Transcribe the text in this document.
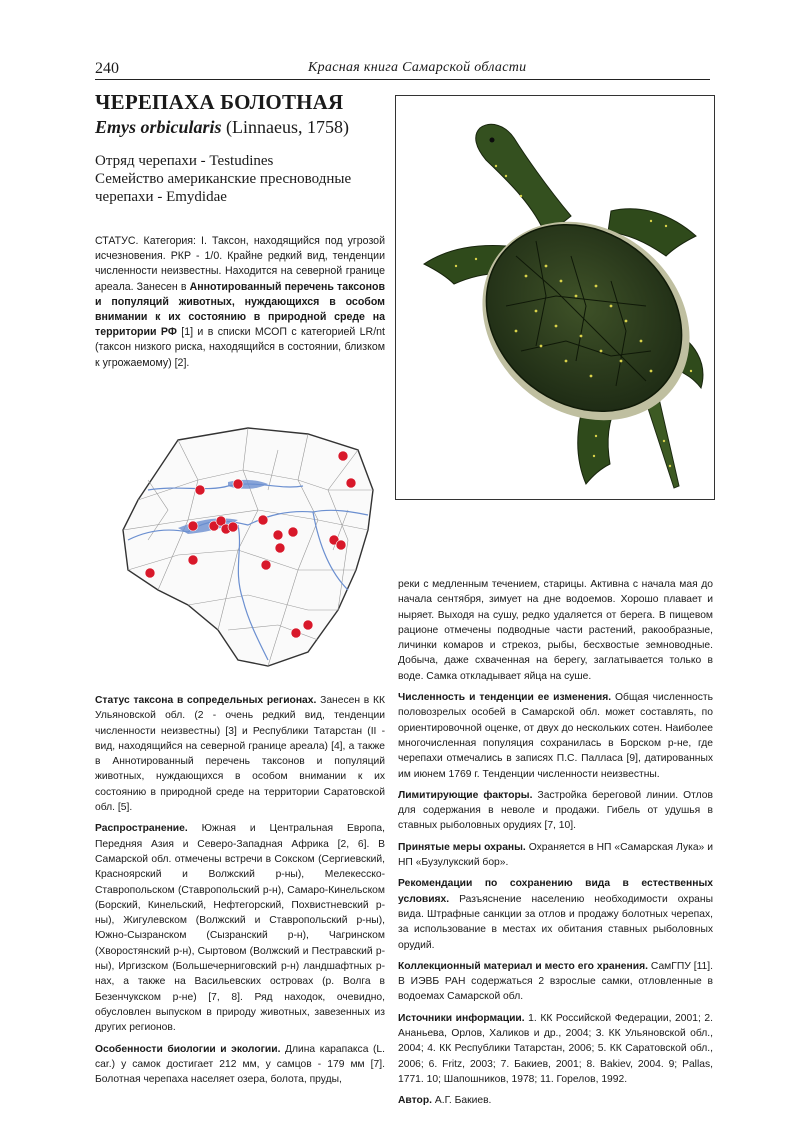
240	Красная книга Самарской области
ЧЕРЕПАХА БОЛОТНАЯ
Emys orbicularis (Linnaeus, 1758)
Отряд черепахи - Testudines
Семейство американские пресноводные черепахи - Emydidae
СТАТУС. Категория: I. Таксон, находящийся под угрозой исчезновения. РКР - 1/0. Крайне редкий вид, тенденции численности неизвестны. Находится на северной границе ареала. Занесен в Аннотированный перечень таксонов и популяций животных, нуждающихся в особом внимании к их состоянию в природной среде на территории РФ [1] и в списки МСОП с категорией LR/nt (таксон низкого риска, находящийся в состоянии, близком к угрожаемому) [2].

Статус таксона в сопредельных регионах. Занесен в КК Ульяновской обл. (2 - очень редкий вид, тенденции численности неизвестны) [3] и Республики Татарстан (II - вид, находящийся на северной границе ареала) [4], а также в Аннотированный перечень таксонов и популяций животных, нуждающихся в особом внимании к их состоянию в природной среде на территории Саратовской обл. [5].

Распространение. Южная и Центральная Европа, Передняя Азия и Северо-Западная Африка [2, 6]. В Самарской обл. отмечены встречи в Сокском (Сергиевский, Красноярский и Волжский р-ны), Мелекесско-Ставропольском (Ставропольский р-н), Самаро-Кинельском (Борский, Кинельский, Нефтегорский, Похвистневский р-ны), Жигулевском (Волжский и Ставропольский р-ны), Южно-Сызранском (Сызранский р-н), Чагринском (Хворостянский р-н), Сыртовом (Волжский и Пестравский р-ны), Иргизском (Большечерниговский р-н) ландшафтных р-нах, а также на Васильевских островах (р. Волга в Безенчукском р-не) [7, 8]. Ряд находок, очевидно, обусловлен выпуском в природу животных, завезенных из других регионов.

Особенности биологии и экологии. Длина карапакса (L. car.) у самок достигает 212 мм, у самцов - 179 мм [7]. Болотная черепаха населяет озера, болота, пруды,

реки с медленным течением, старицы. Активна с начала мая до начала сентября, зимует на дне водоемов. Хорошо плавает и ныряет. Выходя на сушу, редко удаляется от берега. В пищевом рационе отмечены подводные части растений, ракообразные, личинки комаров и стрекоз, рыбы, бесхвостые земноводные. Добыча, даже схваченная на берегу, заглатывается только в воде. Самка откладывает яйца на суше.

Численность и тенденции ее изменения. Общая численность половозрелых особей в Самарской обл. может составлять, по ориентировочной оценке, от двух до нескольких сотен. Наиболее многочисленная популяция сохранилась в Борском р-не, где черепахи отмечались в записях П.С. Палласа [9], датированных им июнем 1769 г. Тенденции численности неизвестны.

Лимитирующие факторы. Застройка береговой линии. Отлов для содержания в неволе и продажи. Гибель от удушья в ставных рыболовных орудиях [7, 10].

Принятые меры охраны. Охраняется в НП «Самарская Лука» и НП «Бузулукский бор».

Рекомендации по сохранению вида в естественных условиях. Разъяснение населению необходимости охраны вида. Штрафные санкции за отлов и продажу болотных черепах, за использование в местах их обитания ставных рыболовных орудий.

Коллекционный материал и место его хранения. СамГПУ [11]. В ИЭВБ РАН содержаться 2 взрослые самки, отловленные в водоемах Самарской обл.

Источники информации. 1. КК Российской Федерации, 2001; 2. Ананьева, Орлов, Халиков и др., 2004; 3. КК Ульяновской обл., 2004; 4. КК Республики Татарстан, 2006; 5. КК Саратовской обл., 2006; 6. Fritz, 2003; 7. Бакиев, 2001; 8. Bakiev, 2004. 9; Pallas, 1771. 10; Шапошников, 1978; 11. Горелов, 1992.

Автор. А.Г. Бакиев.
